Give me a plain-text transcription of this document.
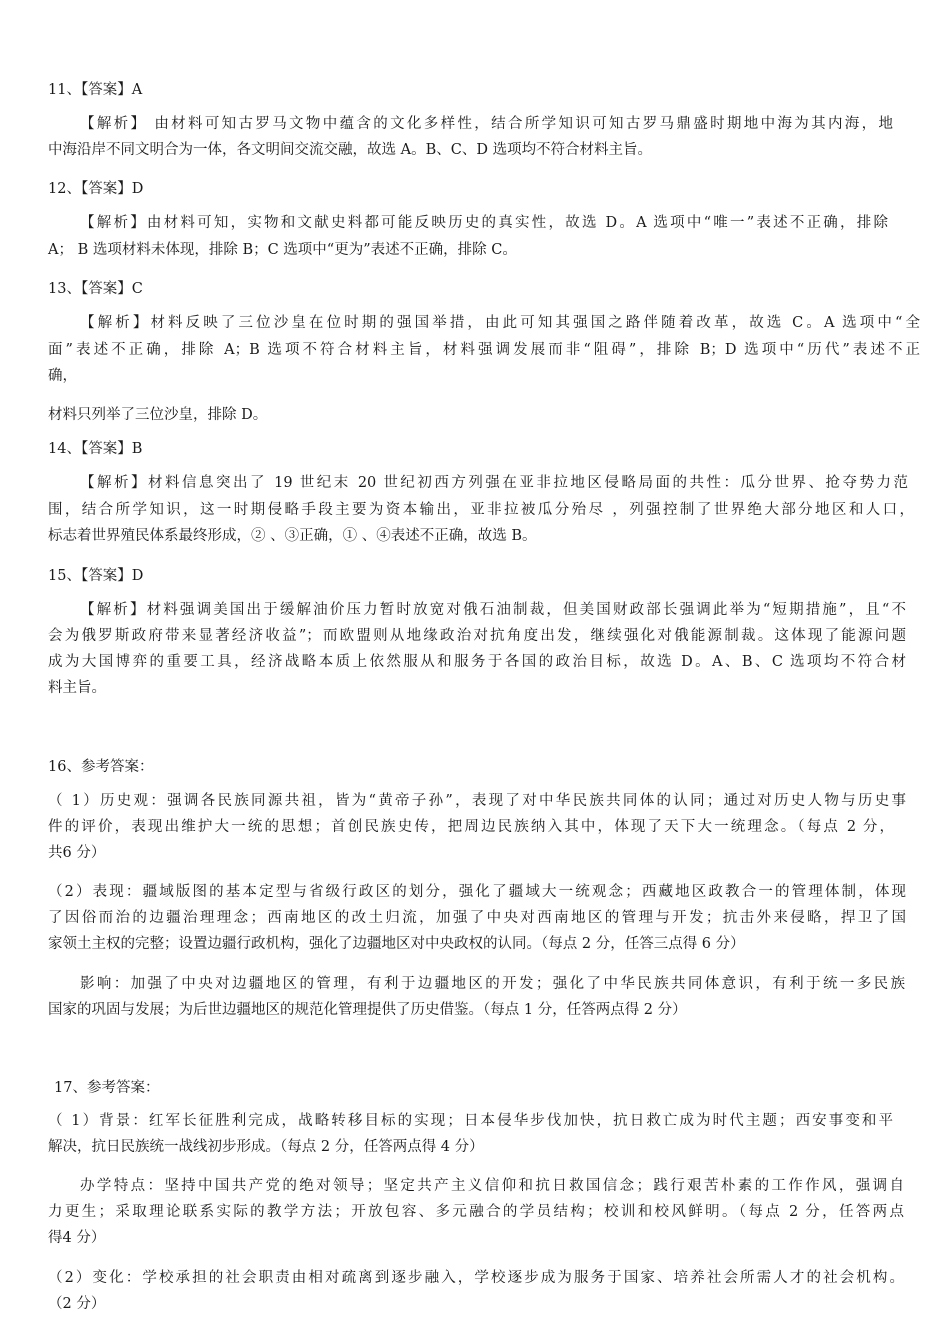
11、【答案】A
【解析】 由材料可知古罗马文物中蕴含的文化多样性，结合所学知识可知古罗马鼎盛时期地中海为其内海，地
中海沿岸不同文明合为一体，各文明间交流交融，故选 A。B、C、D 选项均不符合材料主旨。
12、【答案】D
【解析】由材料可知，实物和文献史料都可能反映历史的真实性，故选 D。A 选项中“唯一”表述不正确，排除
A； B 选项材料未体现，排除 B；C 选项中“更为”表述不正确，排除 C。
13、【答案】C
【解析】材料反映了三位沙皇在位时期的强国举措，由此可知其强国之路伴随着改革，故选 C。A 选项中“全
面”表述不正确，排除 A；B 选项不符合材料主旨，材料强调发展而非“阻碍”，排除 B；D 选项中“历代”表述不正
确，
材料只列举了三位沙皇，排除 D。
14、【答案】B
【解析】材料信息突出了 19 世纪末 20 世纪初西方列强在亚非拉地区侵略局面的共性：瓜分世界、抢夺势力范
围，结合所学知识，这一时期侵略手段主要为资本输出，亚非拉被瓜分殆尽 ，列强控制了世界绝大部分地区和人口，
标志着世界殖民体系最终形成，② 、③正确，① 、④表述不正确，故选 B。
15、【答案】D
【解析】材料强调美国出于缓解油价压力暂时放宽对俄石油制裁，但美国财政部长强调此举为“短期措施”，且“不
会为俄罗斯政府带来显著经济收益”；而欧盟则从地缘政治对抗角度出发，继续强化对俄能源制裁。这体现了能源问题
成为大国博弈的重要工具，经济战略本质上依然服从和服务于各国的政治目标，故选 D。A、B、C 选项均不符合材
料主旨。
16、参考答案：
（ 1）历史观：强调各民族同源共祖，皆为“黄帝子孙”，表现了对中华民族共同体的认同；通过对历史人物与历史事
件的评价，表现出维护大一统的思想；首创民族史传，把周边民族纳入其中，体现了天下大一统理念。（每点 2 分，
共6 分）
（2）表现：疆域版图的基本定型与省级行政区的划分，强化了疆域大一统观念；西藏地区政教合一的管理体制，体现
了因俗而治的边疆治理理念；西南地区的改土归流，加强了中央对西南地区的管理与开发；抗击外来侵略，捍卫了国
家领土主权的完整；设置边疆行政机构，强化了边疆地区对中央政权的认同。（每点 2 分，任答三点得 6 分）
影响：加强了中央对边疆地区的管理，有利于边疆地区的开发；强化了中华民族共同体意识，有利于统一多民族
国家的巩固与发展；为后世边疆地区的规范化管理提供了历史借鉴。（每点 1 分，任答两点得 2 分）
17、参考答案：
（ 1）背景：红军长征胜利完成，战略转移目标的实现；日本侵华步伐加快，抗日救亡成为时代主题；西安事变和平
解决，抗日民族统一战线初步形成。（每点 2 分，任答两点得 4 分）
办学特点：坚持中国共产党的绝对领导；坚定共产主义信仰和抗日救国信念；践行艰苦朴素的工作作风，强调自
力更生；采取理论联系实际的教学方法；开放包容、多元融合的学员结构；校训和校风鲜明。（每点 2 分，任答两点
得4 分）
（2）变化：学校承担的社会职责由相对疏离到逐步融入，学校逐步成为服务于国家、培养社会所需人才的社会机构。
（2 分）
